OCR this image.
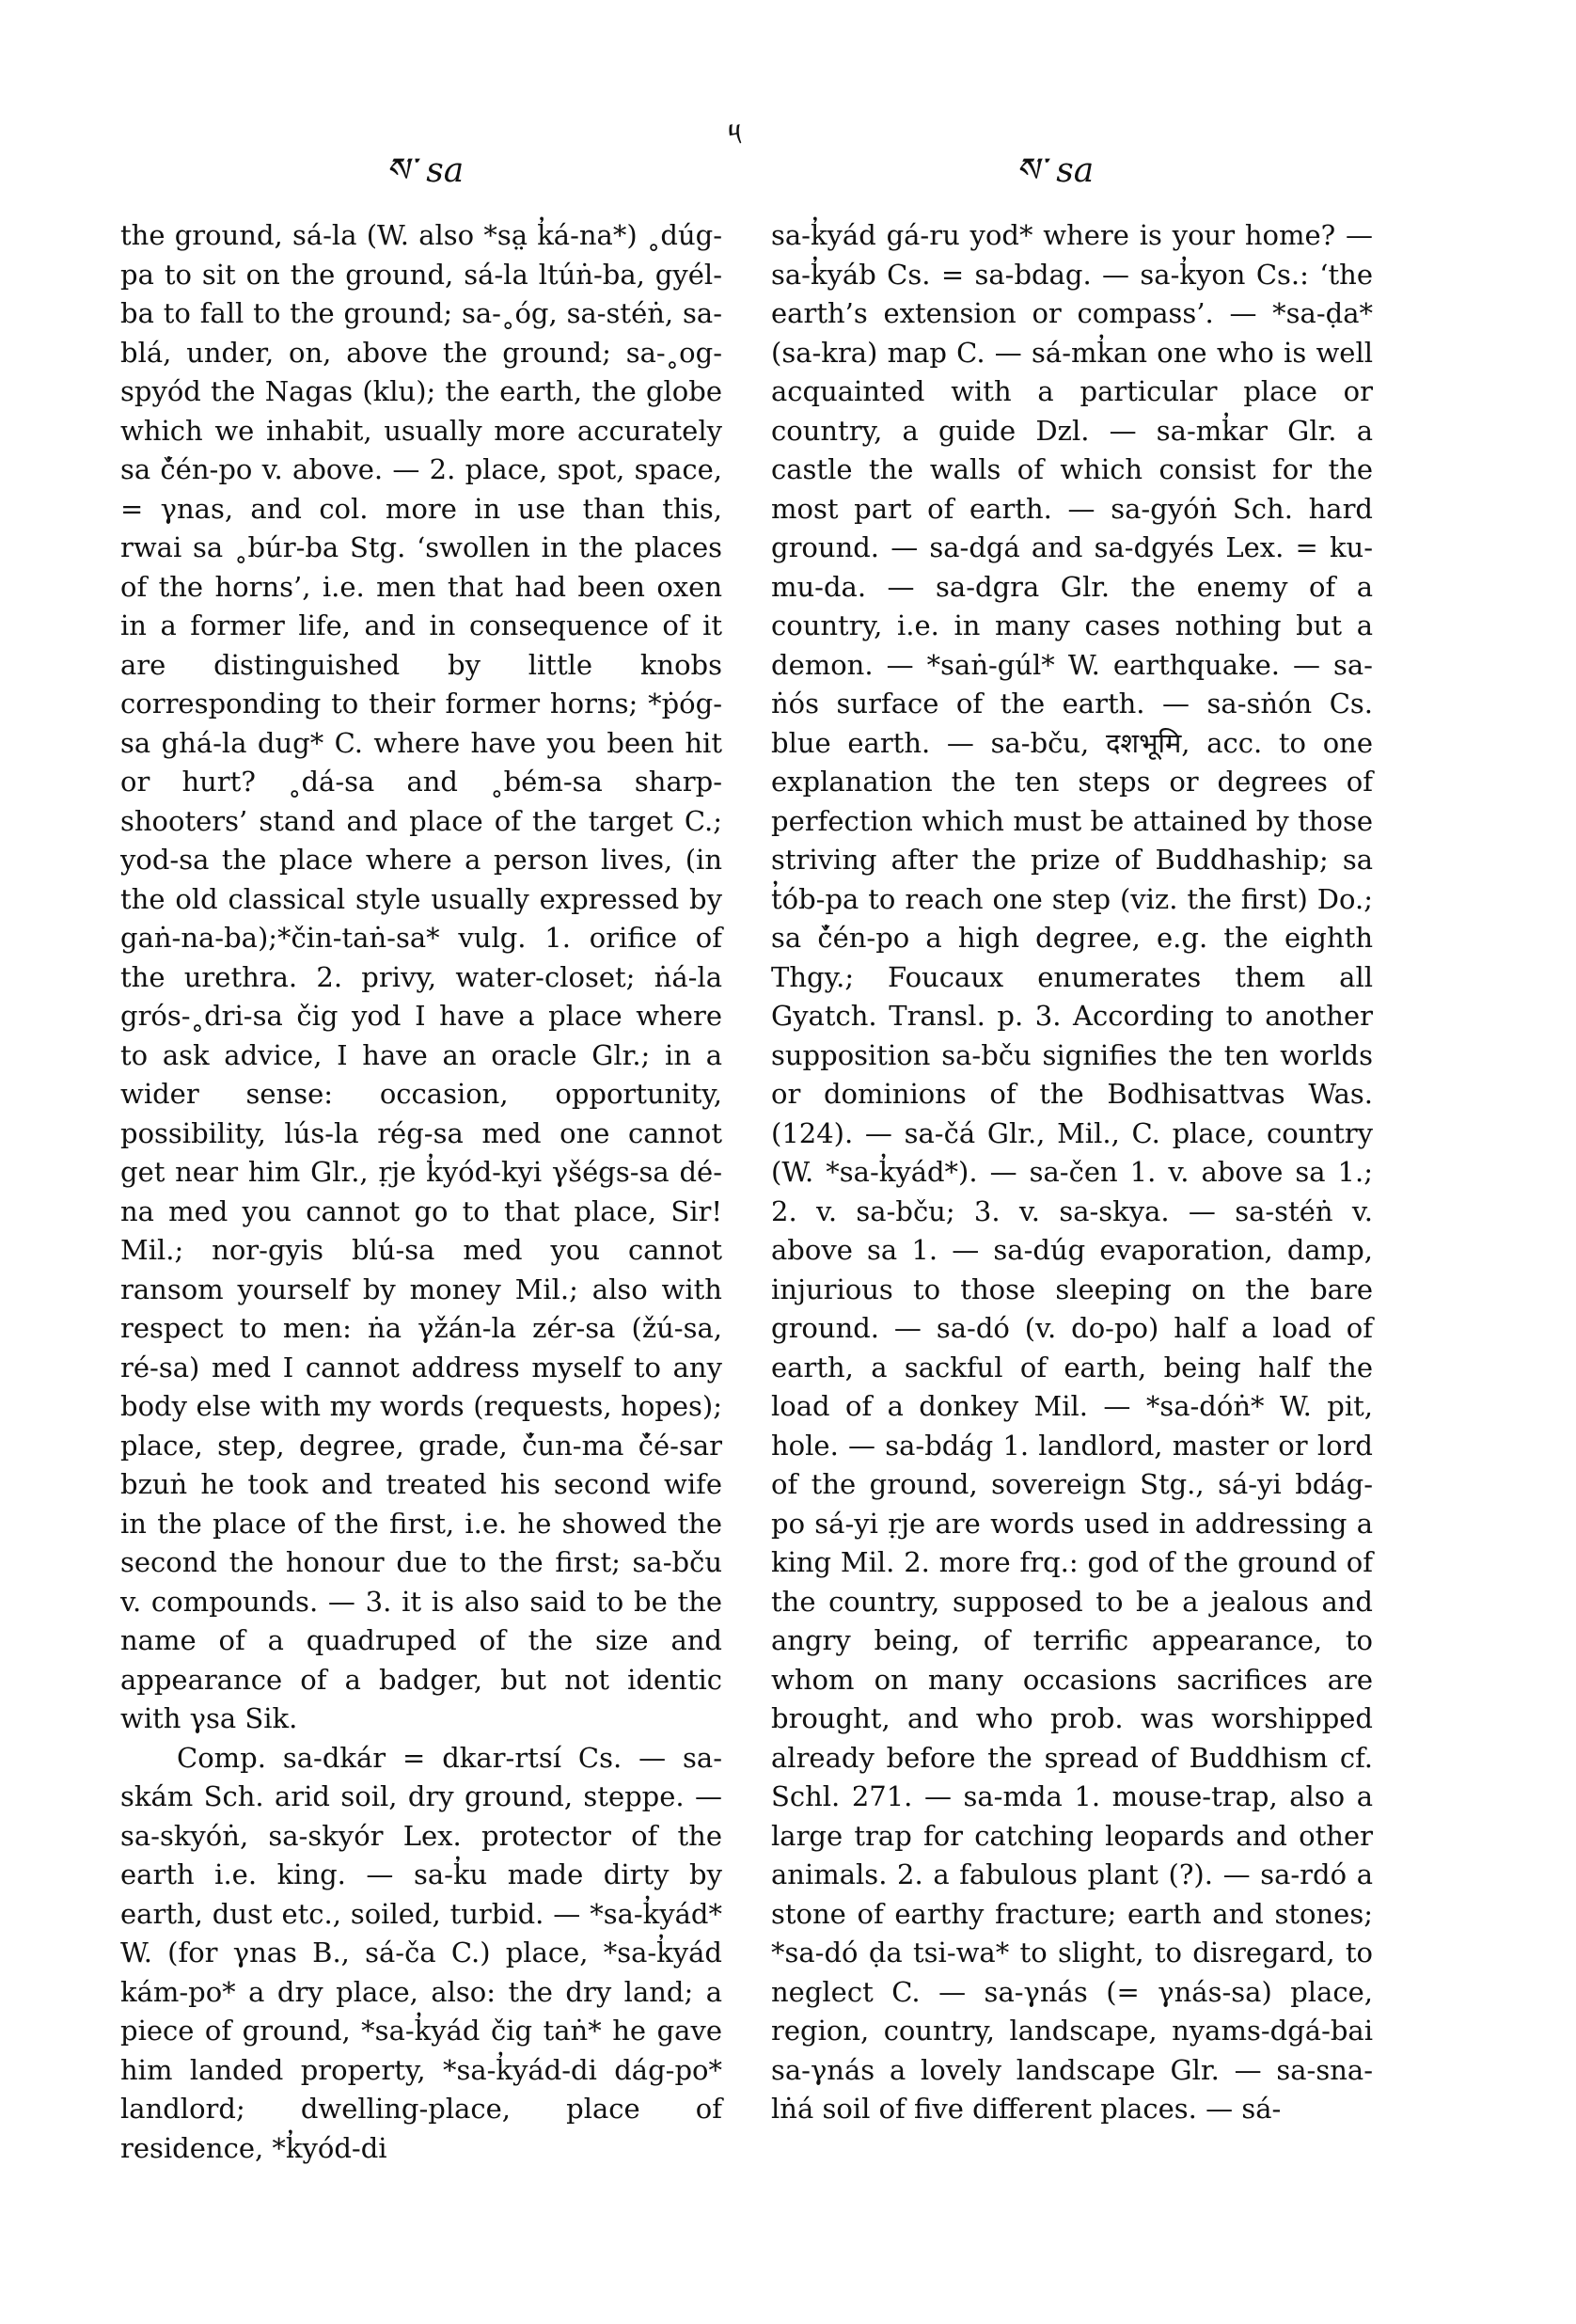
ས་ sa
༥
ས་ sa

the ground, sá-la (W. also *sa̤ k̓á-na*) ˳dúg-pa to sit on the ground, sá-la ltúṅ-ba, gyél-ba to fall to the ground; sa-˳óg, sa-stéṅ, sa-blá, under, on, above the ground; sa-˳og-spyód the Nagas (klu); the earth, the globe which we inhabit, usually more accurately sa č̓én-po v. above. — 2. place, spot, space, = γnas, and col. more in use than this, rwai sa ˳búr-ba Stg. ‘swollen in the places of the horns’, i.e. men that had been oxen in a former life, and in consequence of it are distinguished by little knobs corresponding to their former horns; *ṗóg-sa ghá-la dug* C. where have you been hit or hurt? ˳dá-sa and ˳bém-sa sharp-shooters’ stand and place of the target C.; yod-sa the place where a person lives, (in the old classical style usually expressed by gaṅ-na-ba);*čin-taṅ-sa* vulg. 1. orifice of the urethra. 2. privy, water-closet; ṅá-la grós-˳dri-sa čig yod I have a place where to ask advice, I have an oracle Glr.; in a wider sense: occasion, opportunity, possibility, lús-la rég-sa med one cannot get near him Glr., ṛje k̓yód-kyi γšégs-sa dé-na med you cannot go to that place, Sir! Mil.; nor-gyis blú-sa med you cannot ransom yourself by money Mil.; also with respect to men: ṅa γžán-la zér-sa (žú-sa, ré-sa) med I cannot address myself to any body else with my words (requests, hopes); place, step, degree, grade, č̓un-ma č̓é-sar bzuṅ he took and treated his second wife in the place of the first, i.e. he showed the second the honour due to the first; sa-bču v. compounds. — 3. it is also said to be the name of a quadruped of the size and appearance of a badger, but not identic with γsa Sik.

Comp. sa-dkár = dkar-rtsí Cs. — sa-skám Sch. arid soil, dry ground, steppe. — sa-skyóṅ, sa-skyór Lex. protector of the earth i.e. king. — sa-k̓u made dirty by earth, dust etc., soiled, turbid. — *sa-k̓yád* W. (for γnas B., sá-ča C.) place, *sa-k̓yád kám-po* a dry place, also: the dry land; a piece of ground, *sa-k̓yád čig taṅ* he gave him landed property, *sa-k̓yád-di dág-po* landlord; dwelling-place, place of residence, *k̓yód-di

sa-k̓yád gá-ru yod* where is your home? — sa-k̓yáb Cs. = sa-bdag. — sa-k̓yon Cs.: ‘the earth’s extension or compass’. — *sa-ḍa* (sa-kra) map C. — sá-mk̓an one who is well acquainted with a particular place or country, a guide Dzl. — sa-mk̓ar Glr. a castle the walls of which consist for the most part of earth. — sa-gyóṅ Sch. hard ground. — sa-dgá and sa-dgyés Lex. = ku-mu-da. — sa-dgra Glr. the enemy of a country, i.e. in many cases nothing but a demon. — *saṅ-gúl* W. earthquake. — sa-ṅós surface of the earth. — sa-sṅón Cs. blue earth. — sa-bču, दशभूमि, acc. to one explanation the ten steps or degrees of perfection which must be attained by those striving after the prize of Buddhaship; sa t̓ób-pa to reach one step (viz. the first) Do.; sa č̓én-po a high degree, e.g. the eighth Thgy.; Foucaux enumerates them all Gyatch. Transl. p. 3. According to another supposition sa-bču signifies the ten worlds or dominions of the Bodhisattvas Was. (124). — sa-čá Glr., Mil., C. place, country (W. *sa-k̓yád*). — sa-čen 1. v. above sa 1.; 2. v. sa-bču; 3. v. sa-skya. — sa-stéṅ v. above sa 1. — sa-dúg evaporation, damp, injurious to those sleeping on the bare ground. — sa-dó (v. do-po) half a load of earth, a sackful of earth, being half the load of a donkey Mil. — *sa-dóṅ* W. pit, hole. — sa-bdág 1. landlord, master or lord of the ground, sovereign Stg., sá-yi bdág-po sá-yi ṛje are words used in addressing a king Mil. 2. more frq.: god of the ground of the country, supposed to be a jealous and angry being, of terrific appearance, to whom on many occasions sacrifices are brought, and who prob. was worshipped already before the spread of Buddhism cf. Schl. 271. — sa-mda 1. mouse-trap, also a large trap for catching leopards and other animals. 2. a fabulous plant (?). — sa-rdó a stone of earthy fracture; earth and stones; *sa-dó ḍa tsi-wa* to slight, to disregard, to neglect C. — sa-γnás (= γnás-sa) place, region, country, landscape, nyams-dgá-bai sa-γnás a lovely landscape Glr. — sa-sna-lṅá soil of five different places. — sá-
